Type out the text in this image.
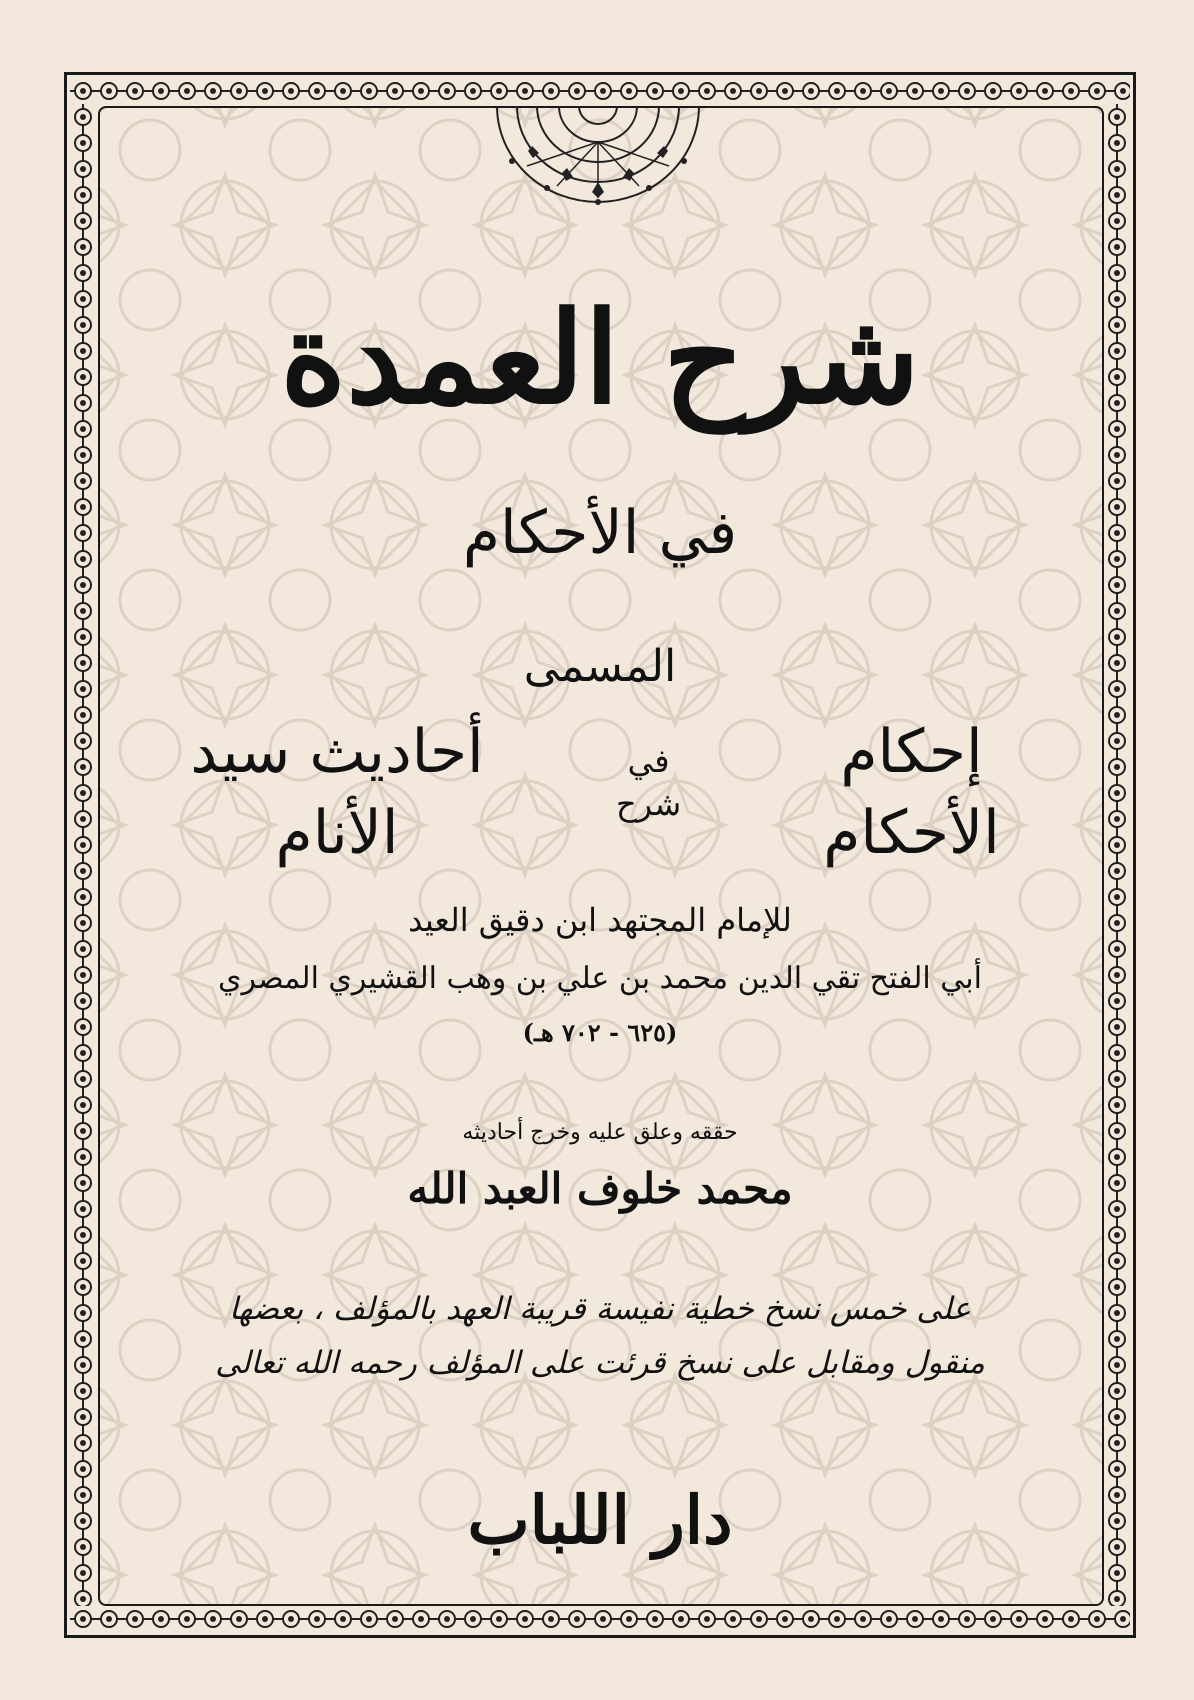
شرح العمدة
في الأحكام
المسمى
إحكام الأحكام
في شرح
أحاديث سيد الأنام
للإمام المجتهد ابن دقيق العيد
أبي الفتح تقي الدين محمد بن علي بن وهب القشيري المصري
(٦٢٥ - ٧٠٢ هـ)
حققه وعلق عليه وخرج أحاديثه
محمد خلوف العبد الله
على خمس نسخ خطية نفيسة قريبة العهد بالمؤلف ، بعضها
منقول ومقابل على نسخ قرئت على المؤلف رحمه الله تعالى
دار اللباب
